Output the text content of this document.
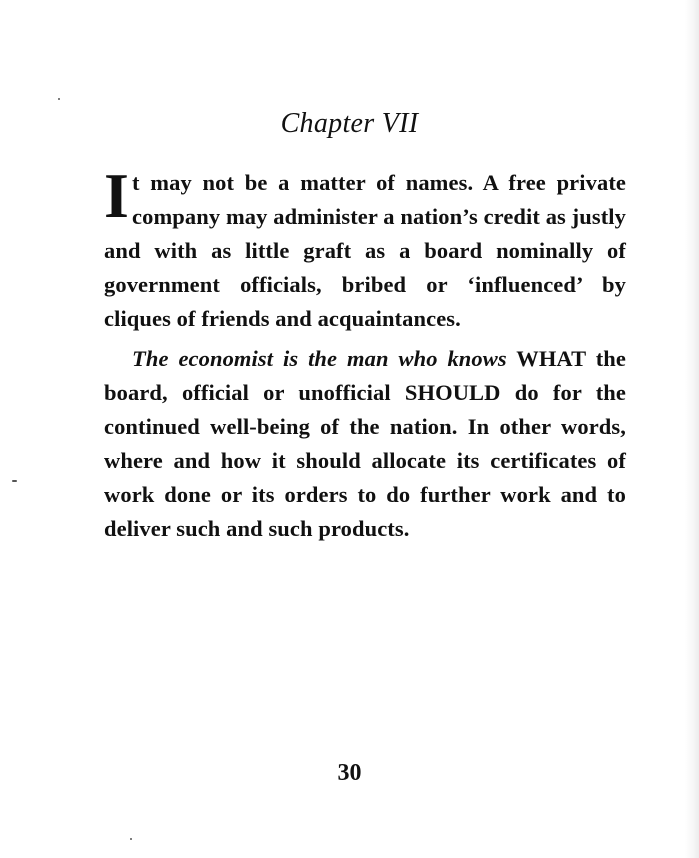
Chapter VII

It may not be a matter of names. A free private company may administer a nation’s credit as justly and with as little graft as a board nominally of government officials, bribed or ‘influenced’ by cliques of friends and acquaintances.

The economist is the man who knows WHAT the board, official or unofficial SHOULD do for the continued well-being of the nation. In other words, where and how it should allocate its certificates of work done or its orders to do further work and to deliver such and such products.

30
